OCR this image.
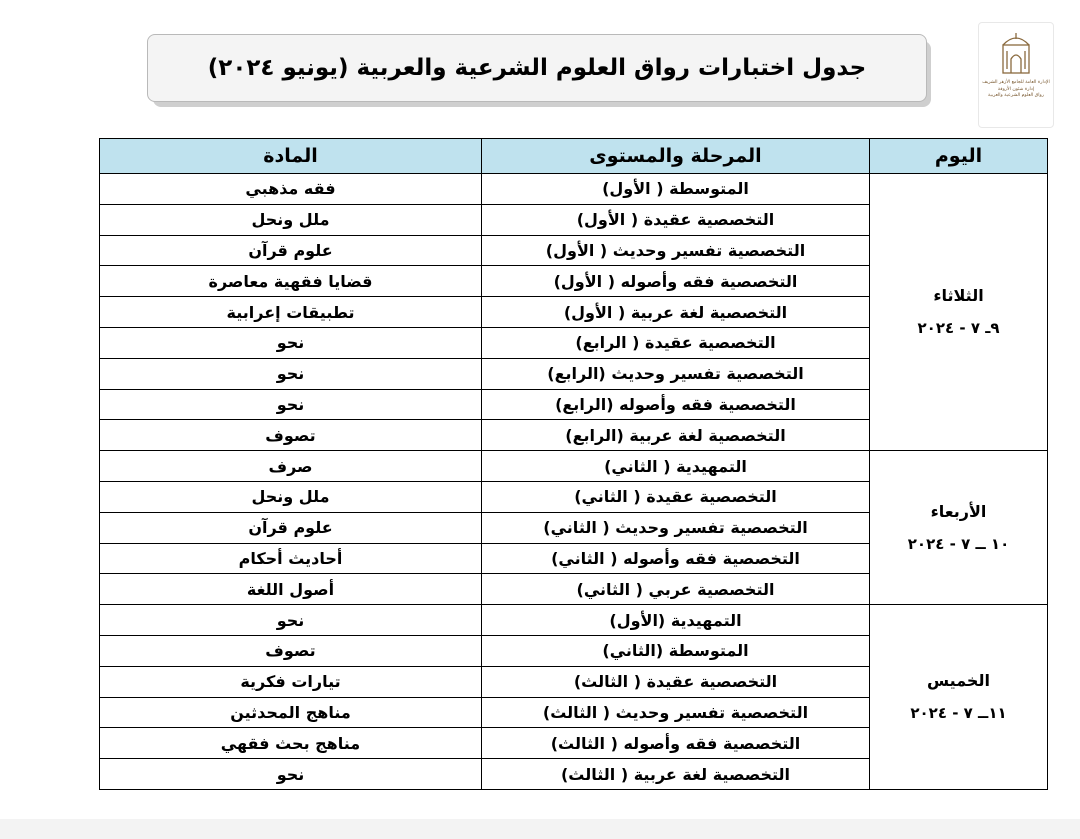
جدول اختبارات رواق العلوم الشرعية والعربية (يونيو ٢٠٢٤)
الإدارة العامة للجامع الأزهر الشريف
إدارة شئون الأروقة
رواق العلوم الشرعية والعربية
اليوم	المرحلة والمستوى	المادة

الثلاثاء
٩ـ ٧ - ٢٠٢٤	المتوسطة ( الأول)	فقه مذهبي
	التخصصية عقيدة ( الأول)	ملل ونحل
	التخصصية تفسير وحديث ( الأول)	علوم قرآن
	التخصصية فقه وأصوله ( الأول)	قضايا فقهية معاصرة
	التخصصية لغة عربية ( الأول)	تطبيقات إعرابية
	التخصصية عقيدة ( الرابع)	نحو
	التخصصية تفسير وحديث (الرابع)	نحو
	التخصصية فقه وأصوله (الرابع)	نحو
	التخصصية لغة عربية (الرابع)	تصوف

الأربعاء
١٠ ــ ٧ - ٢٠٢٤	التمهيدية ( الثاني)	صرف
	التخصصية عقيدة ( الثاني)	ملل ونحل
	التخصصية تفسير وحديث ( الثاني)	علوم قرآن
	التخصصية فقه وأصوله ( الثاني)	أحاديث أحكام
	التخصصية عربي ( الثاني)	أصول اللغة

الخميس
١١ــ ٧ - ٢٠٢٤	التمهيدية (الأول)	نحو
	المتوسطة (الثاني)	تصوف
	التخصصية عقيدة ( الثالث)	تيارات فكرية
	التخصصية تفسير وحديث ( الثالث)	مناهج المحدثين
	التخصصية فقه وأصوله ( الثالث)	مناهج بحث فقهي
	التخصصية لغة عربية ( الثالث)	نحو
